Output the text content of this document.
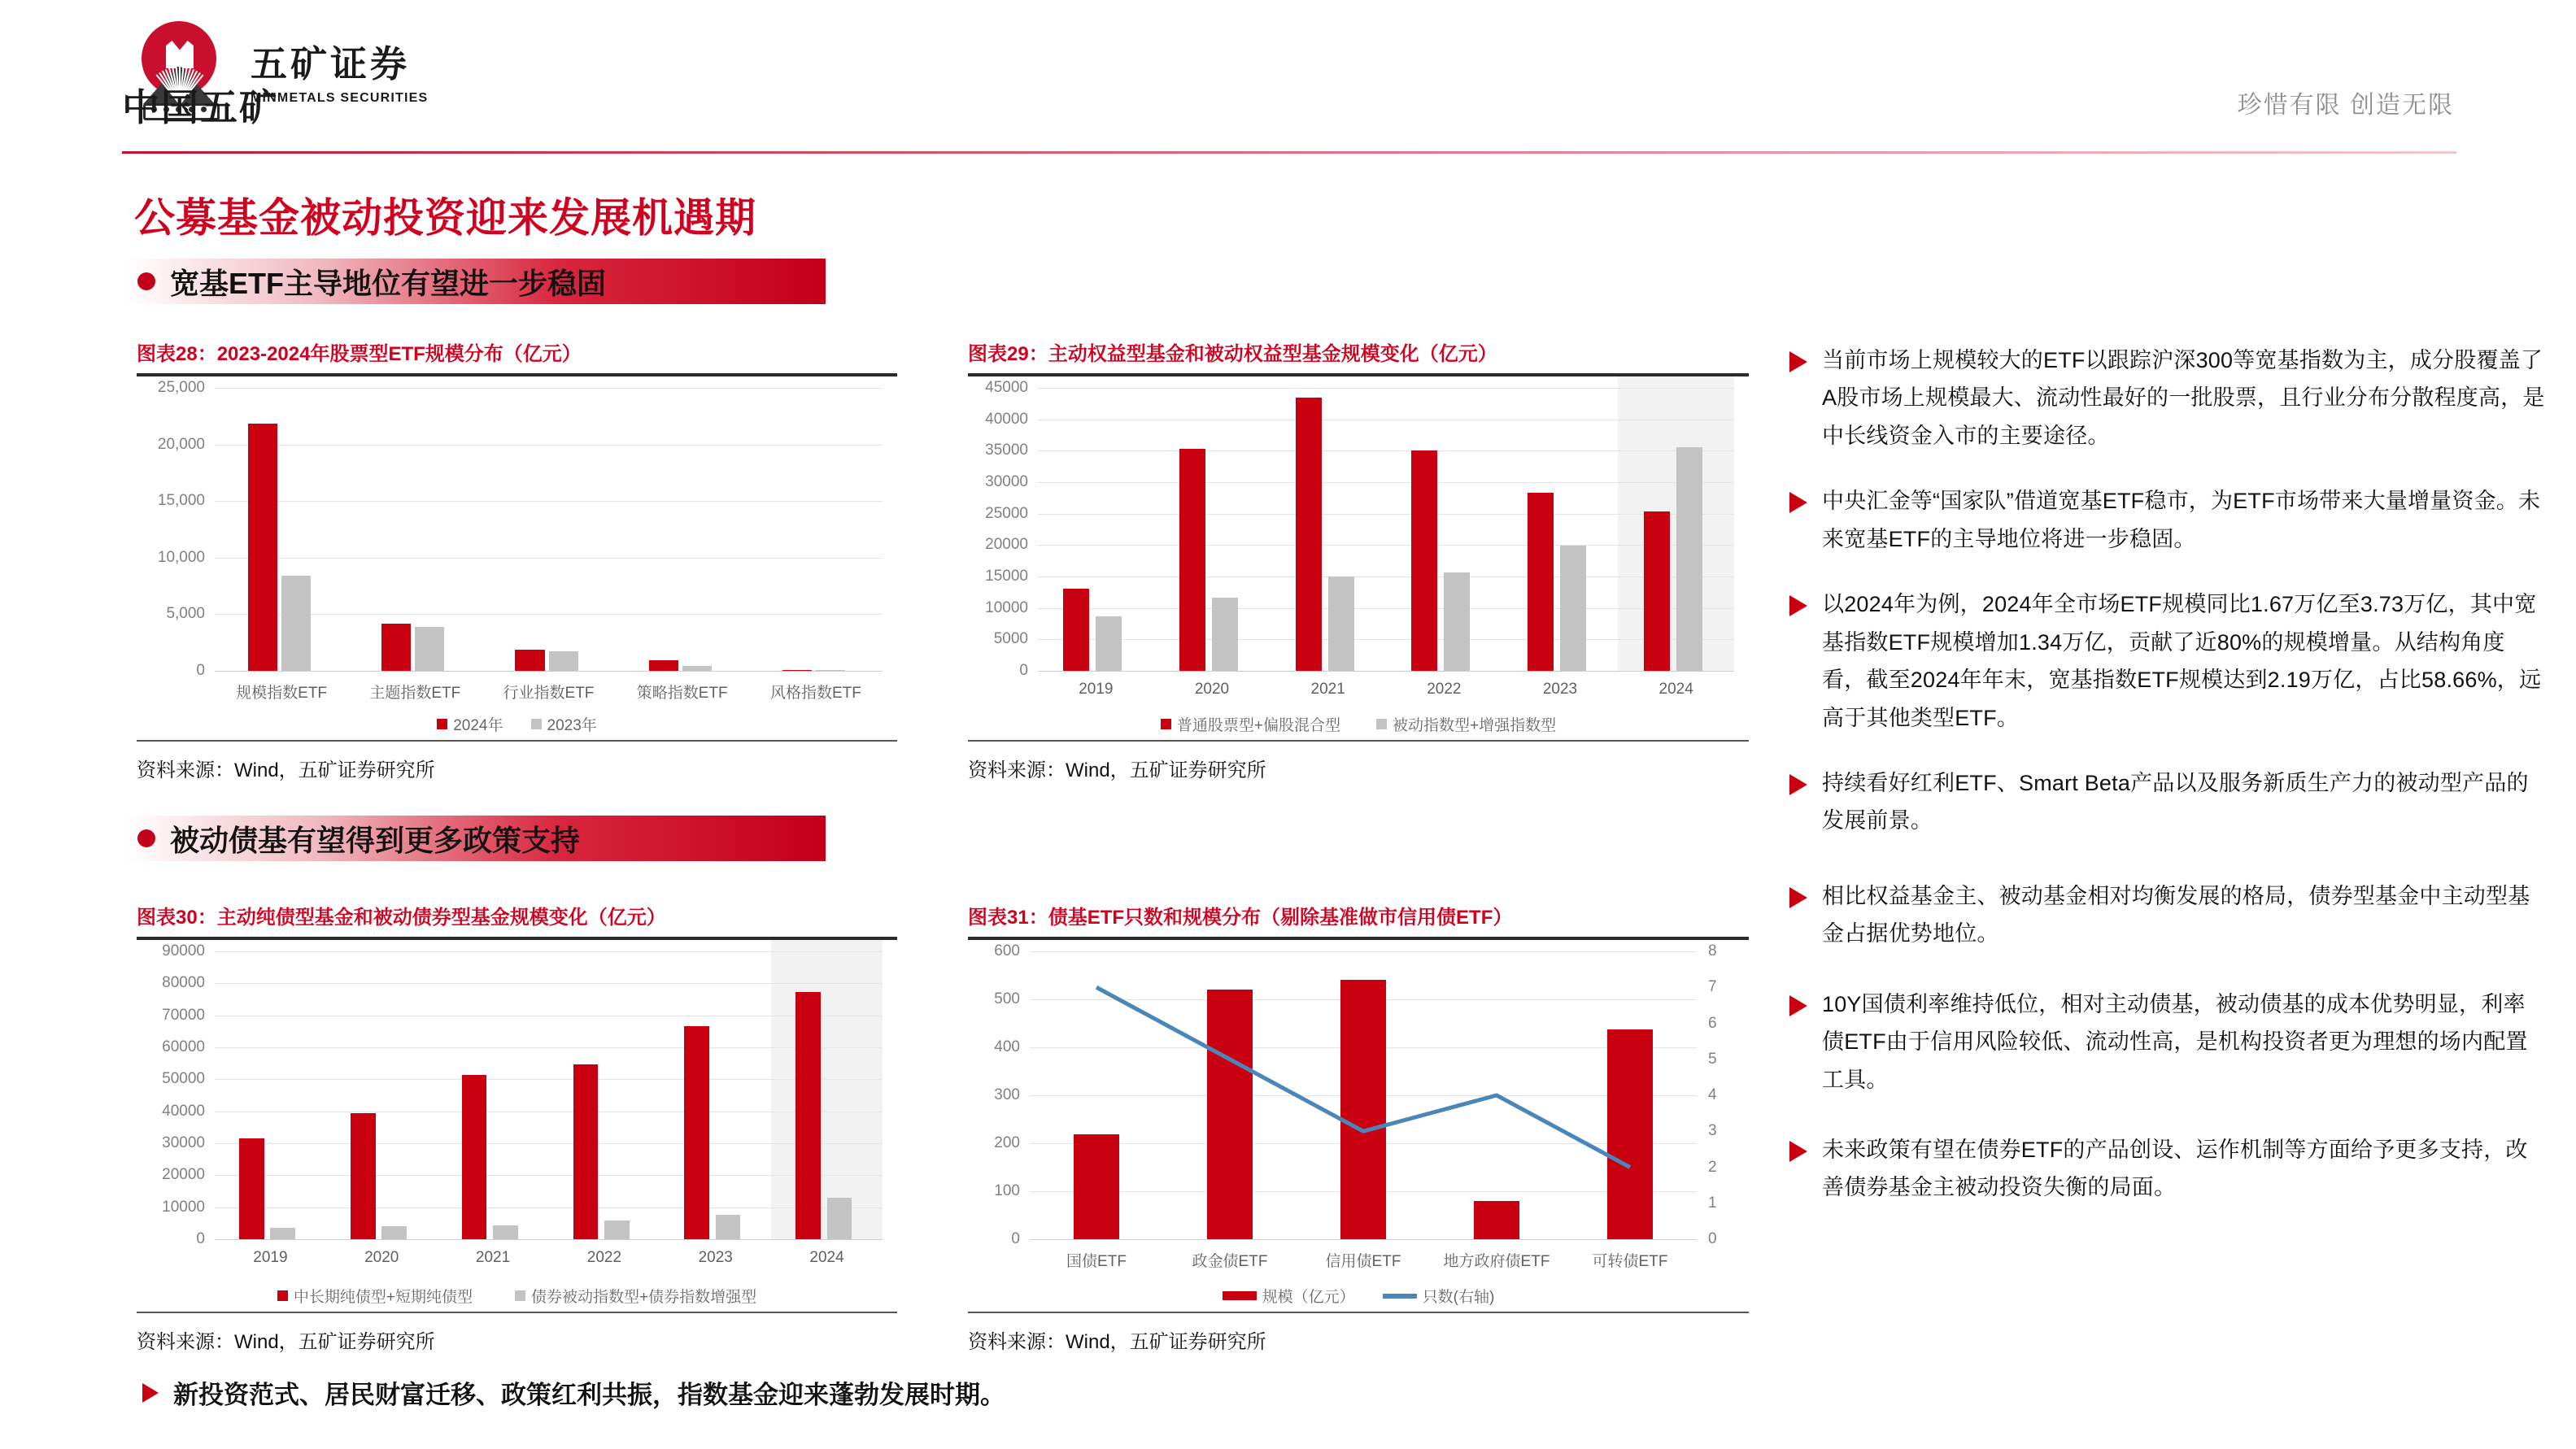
五矿证券
MINMETALS SECURITIES
中国五矿	珍惜有限 创造无限
公募基金被动投资迎来发展机遇期
宽基ETF主导地位有望进一步稳固
被动债基有望得到更多政策支持
图表28：2023-2024年股票型ETF规模分布（亿元）
0
5,000
10,000
15,000
20,000
25,000
规模指数ETF	主题指数ETF	行业指数ETF	策略指数ETF	风格指数ETF
2024年	2023年
资料来源：Wind，五矿证券研究所
图表29：主动权益型基金和被动权益型基金规模变化（亿元）
0
5000
10000
15000
20000
25000
30000
35000
40000
45000
2019	2020	2021	2022	2023	2024
普通股票型+偏股混合型	被动指数型+增强指数型
资料来源：Wind，五矿证券研究所
图表30：主动纯债型基金和被动债券型基金规模变化（亿元）
0
10000
20000
30000
40000
50000
60000
70000
80000
90000
2019	2020	2021	2022	2023	2024
中长期纯债型+短期纯债型	债券被动指数型+债券指数增强型
资料来源：Wind，五矿证券研究所
图表31：债基ETF只数和规模分布（剔除基准做市信用债ETF）
0
100
200
300
400
500
600
0
1
2
3
4
5
6
7
8
国债ETF	政金债ETF	信用债ETF	地方政府债ETF	可转债ETF
规模（亿元）	只数(右轴)
资料来源：Wind，五矿证券研究所
当前市场上规模较大的ETF以跟踪沪深300等宽基指数为主，成分股覆盖了A股市场上规模最大、流动性最好的一批股票，且行业分布分散程度高，是中长线资金入市的主要途径。
中央汇金等“国家队”借道宽基ETF稳市，为ETF市场带来大量增量资金。未来宽基ETF的主导地位将进一步稳固。
以2024年为例，2024年全市场ETF规模同比1.67万亿至3.73万亿，其中宽基指数ETF规模增加1.34万亿，贡献了近80%的规模增量。从结构角度看，截至2024年年末，宽基指数ETF规模达到2.19万亿，占比58.66%，远高于其他类型ETF。
持续看好红利ETF、Smart Beta产品以及服务新质生产力的被动型产品的发展前景。
相比权益基金主、被动基金相对均衡发展的格局，债券型基金中主动型基金占据优势地位。
10Y国债利率维持低位，相对主动债基，被动债基的成本优势明显，利率债ETF由于信用风险较低、流动性高，是机构投资者更为理想的场内配置工具。
未来政策有望在债券ETF的产品创设、运作机制等方面给予更多支持，改善债券基金主被动投资失衡的局面。
新投资范式、居民财富迁移、政策红利共振，指数基金迎来蓬勃发展时期。
